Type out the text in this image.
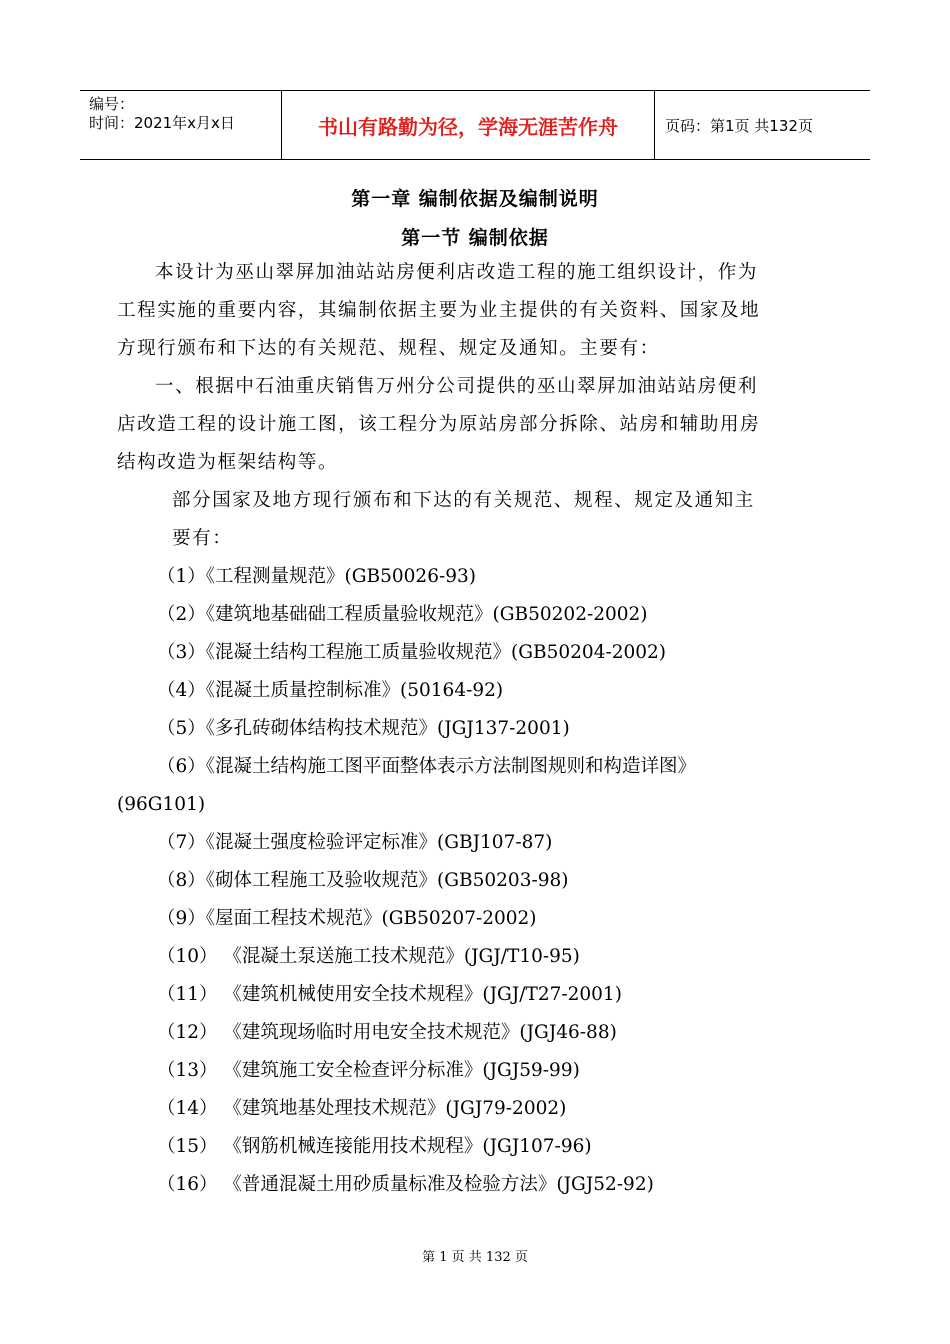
编号：
时间：2021年x月x日	书山有路勤为径，学海无涯苦作舟	页码：第1页 共132页
第一章 编制依据及编制说明
第一节 编制依据
本设计为巫山翠屏加油站站房便利店改造工程的施工组织设计，作为
工程实施的重要内容，其编制依据主要为业主提供的有关资料、国家及地
方现行颁布和下达的有关规范、规程、规定及通知。主要有：
一、根据中石油重庆销售万州分公司提供的巫山翠屏加油站站房便利
店改造工程的设计施工图，该工程分为原站房部分拆除、站房和辅助用房
结构改造为框架结构等。
部分国家及地方现行颁布和下达的有关规范、规程、规定及通知主
要有：
（1）《工程测量规范》(GB50026-93)
（2）《建筑地基础础工程质量验收规范》(GB50202-2002)
（3）《混凝土结构工程施工质量验收规范》(GB50204-2002)
（4）《混凝土质量控制标准》(50164-92)
（5）《多孔砖砌体结构技术规范》(JGJ137-2001)
（6）《混凝土结构施工图平面整体表示方法制图规则和构造详图》
(96G101)
（7）《混凝土强度检验评定标准》(GBJ107-87)
（8）《砌体工程施工及验收规范》(GB50203-98)
（9）《屋面工程技术规范》(GB50207-2002)
（10） 《混凝土泵送施工技术规范》(JGJ/T10-95)
（11） 《建筑机械使用安全技术规程》(JGJ/T27-2001)
（12） 《建筑现场临时用电安全技术规范》(JGJ46-88)
（13） 《建筑施工安全检查评分标准》(JGJ59-99)
（14） 《建筑地基处理技术规范》(JGJ79-2002)
（15） 《钢筋机械连接能用技术规程》(JGJ107-96)
（16） 《普通混凝土用砂质量标准及检验方法》(JGJ52-92)
第 1 页 共 132 页
